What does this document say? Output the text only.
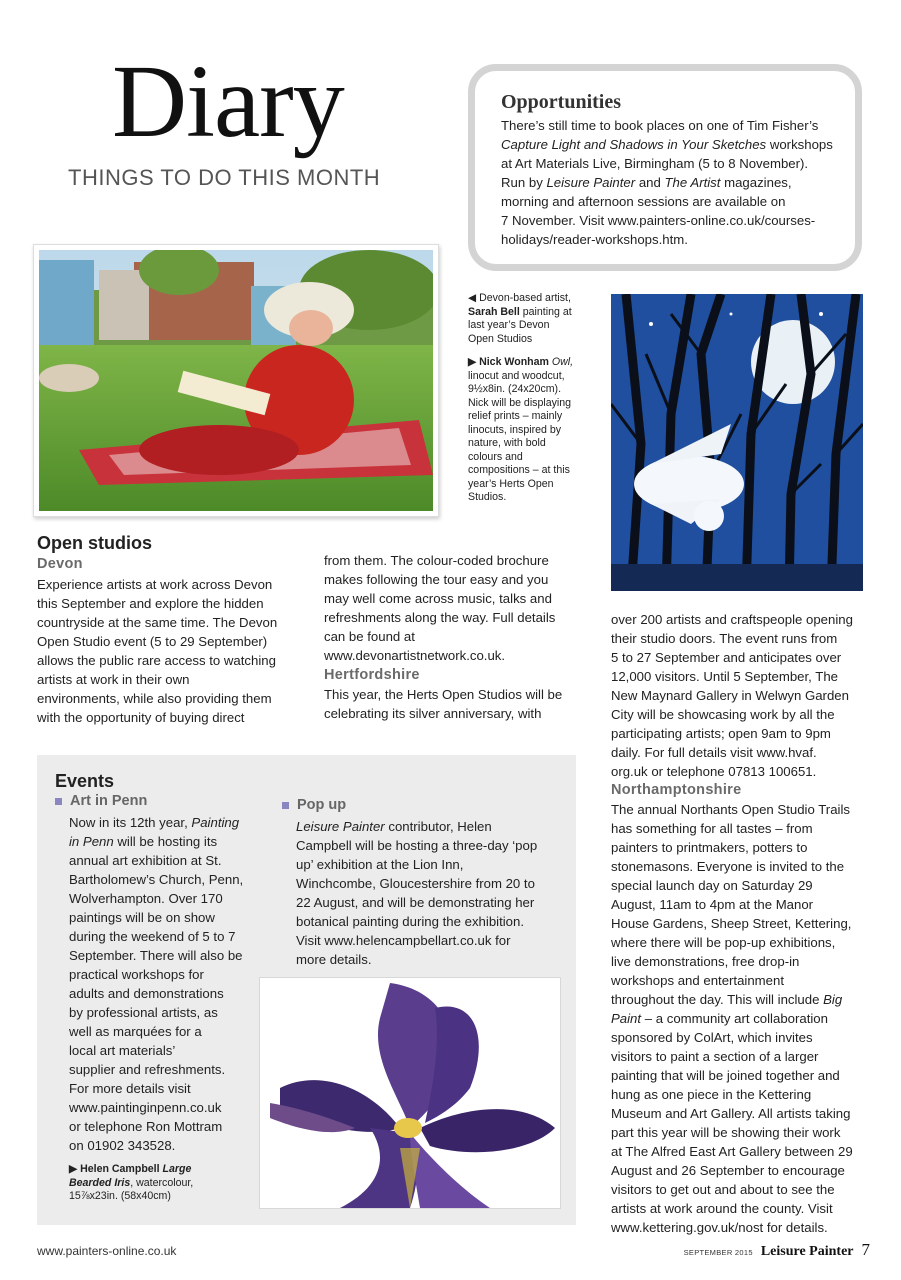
Diary
THINGS TO DO THIS MONTH
Opportunities

There’s still time to book places on one of Tim Fisher’s
Capture Light and Shadows in Your Sketches workshops
at Art Materials Live, Birmingham (5 to 8 November).
Run by Leisure Painter and The Artist magazines,
morning and afternoon sessions are available on
7 November. Visit www.painters-online.co.uk/courses-
holidays/reader-workshops.htm.

◀ Devon-based artist,
Sarah Bell painting at
last year’s Devon
Open Studios

▶ Nick Wonham Owl,
linocut and woodcut,
9½x8in. (24x20cm).
Nick will be displaying
relief prints – mainly
linocuts, inspired by
nature, with bold
colours and
compositions – at this
year’s Herts Open
Studios.

Open studios
Devon
Experience artists at work across Devon
this September and explore the hidden
countryside at the same time. The Devon
Open Studio event (5 to 29 September)
allows the public rare access to watching
artists at work in their own
environments, while also providing them
with the opportunity of buying direct
from them. The colour-coded brochure
makes following the tour easy and you
may well come across music, talks and
refreshments along the way. Full details
can be found at
www.devonartistnetwork.co.uk.
Hertfordshire
This year, the Herts Open Studios will be
celebrating its silver anniversary, with
over 200 artists and craftspeople opening
their studio doors. The event runs from
5 to 27 September and anticipates over
12,000 visitors. Until 5 September, The
New Maynard Gallery in Welwyn Garden
City will be showcasing work by all the
participating artists; open 9am to 9pm
daily. For full details visit www.hvaf.
org.uk or telephone 07813 100651.
Northamptonshire
The annual Northants Open Studio Trails
has something for all tastes – from
painters to printmakers, potters to
stonemasons. Everyone is invited to the
special launch day on Saturday 29
August, 11am to 4pm at the Manor
House Gardens, Sheep Street, Kettering,
where there will be pop-up exhibitions,
live demonstrations, free drop-in
workshops and entertainment
throughout the day. This will include Big
Paint – a community art collaboration
sponsored by ColArt, which invites
visitors to paint a section of a larger
painting that will be joined together and
hung as one piece in the Kettering
Museum and Art Gallery. All artists taking
part this year will be showing their work
at The Alfred East Art Gallery between 29
August and 26 September to encourage
visitors to get out and about to see the
artists at work around the county. Visit
www.kettering.gov.uk/nost for details.
Events
Art in Penn
Now in its 12th year, Painting
in Penn will be hosting its
annual art exhibition at St.
Bartholomew’s Church, Penn,
Wolverhampton. Over 170
paintings will be on show
during the weekend of 5 to 7
September. There will also be
practical workshops for
adults and demonstrations
by professional artists, as
well as marquées for a
local art materials’
supplier and refreshments.
For more details visit
www.paintinginpenn.co.uk
or telephone Ron Mottram
on 01902 343528.
▶ Helen Campbell Large
Bearded Iris, watercolour,
15⅞x23in. (58x40cm)
Pop up
Leisure Painter contributor, Helen
Campbell will be hosting a three-day ‘pop
up’ exhibition at the Lion Inn,
Winchcombe, Gloucestershire from 20 to
22 August, and will be demonstrating her
botanical painting during the exhibition.
Visit www.helencampbellart.co.uk for
more details.
www.painters-online.co.uk	SEPTEMBER 2015 Leisure Painter 7
